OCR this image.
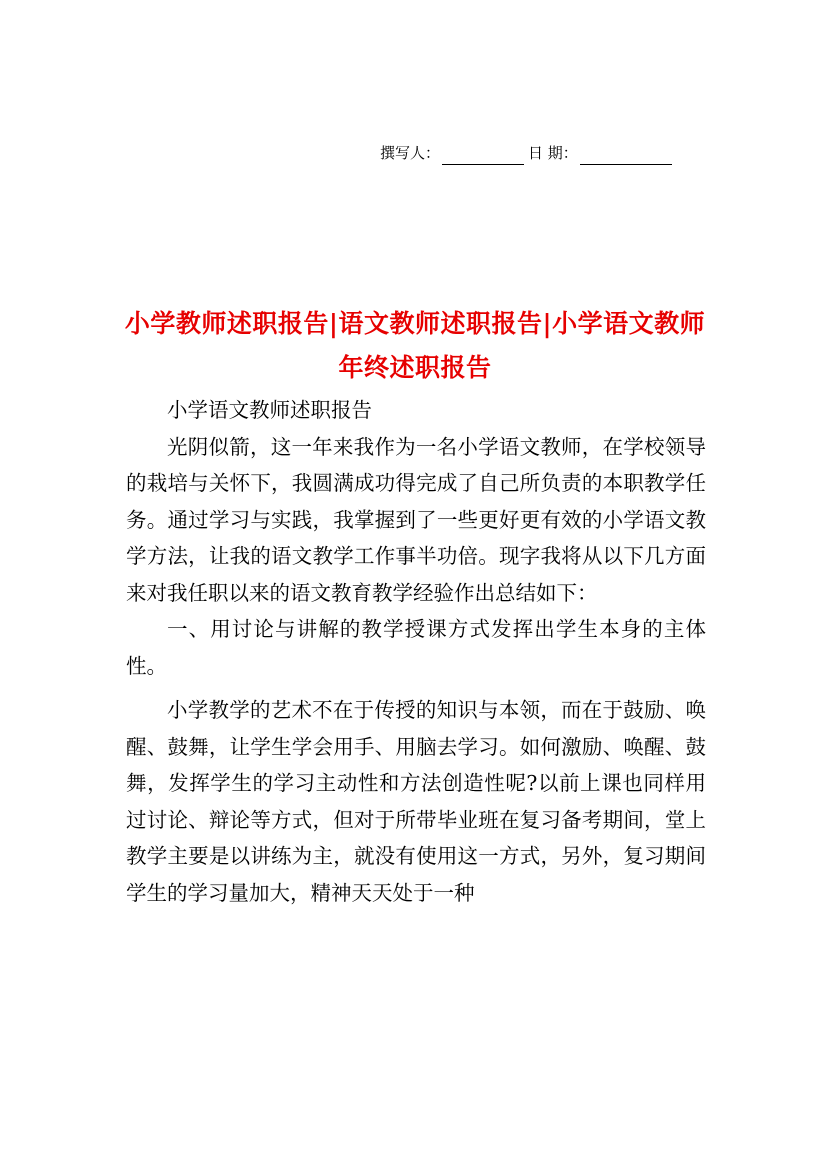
撰写人：	日 期：
小学教师述职报告|语文教师述职报告|小学语文教师年终述职报告

小学语文教师述职报告

光阴似箭，这一年来我作为一名小学语文教师，在学校领导的栽培与关怀下，我圆满成功得完成了自己所负责的本职教学任务。通过学习与实践，我掌握到了一些更好更有效的小学语文教学方法，让我的语文教学工作事半功倍。现字我将从以下几方面来对我任职以来的语文教育教学经验作出总结如下：

一、用讨论与讲解的教学授课方式发挥出学生本身的主体性。

小学教学的艺术不在于传授的知识与本领，而在于鼓励、唤醒、鼓舞，让学生学会用手、用脑去学习。如何激励、唤醒、鼓舞，发挥学生的学习主动性和方法创造性呢?以前上课也同样用过讨论、辩论等方式，但对于所带毕业班在复习备考期间，堂上教学主要是以讲练为主，就没有使用这一方式，另外，复习期间学生的学习量加大，精神天天处于一种
